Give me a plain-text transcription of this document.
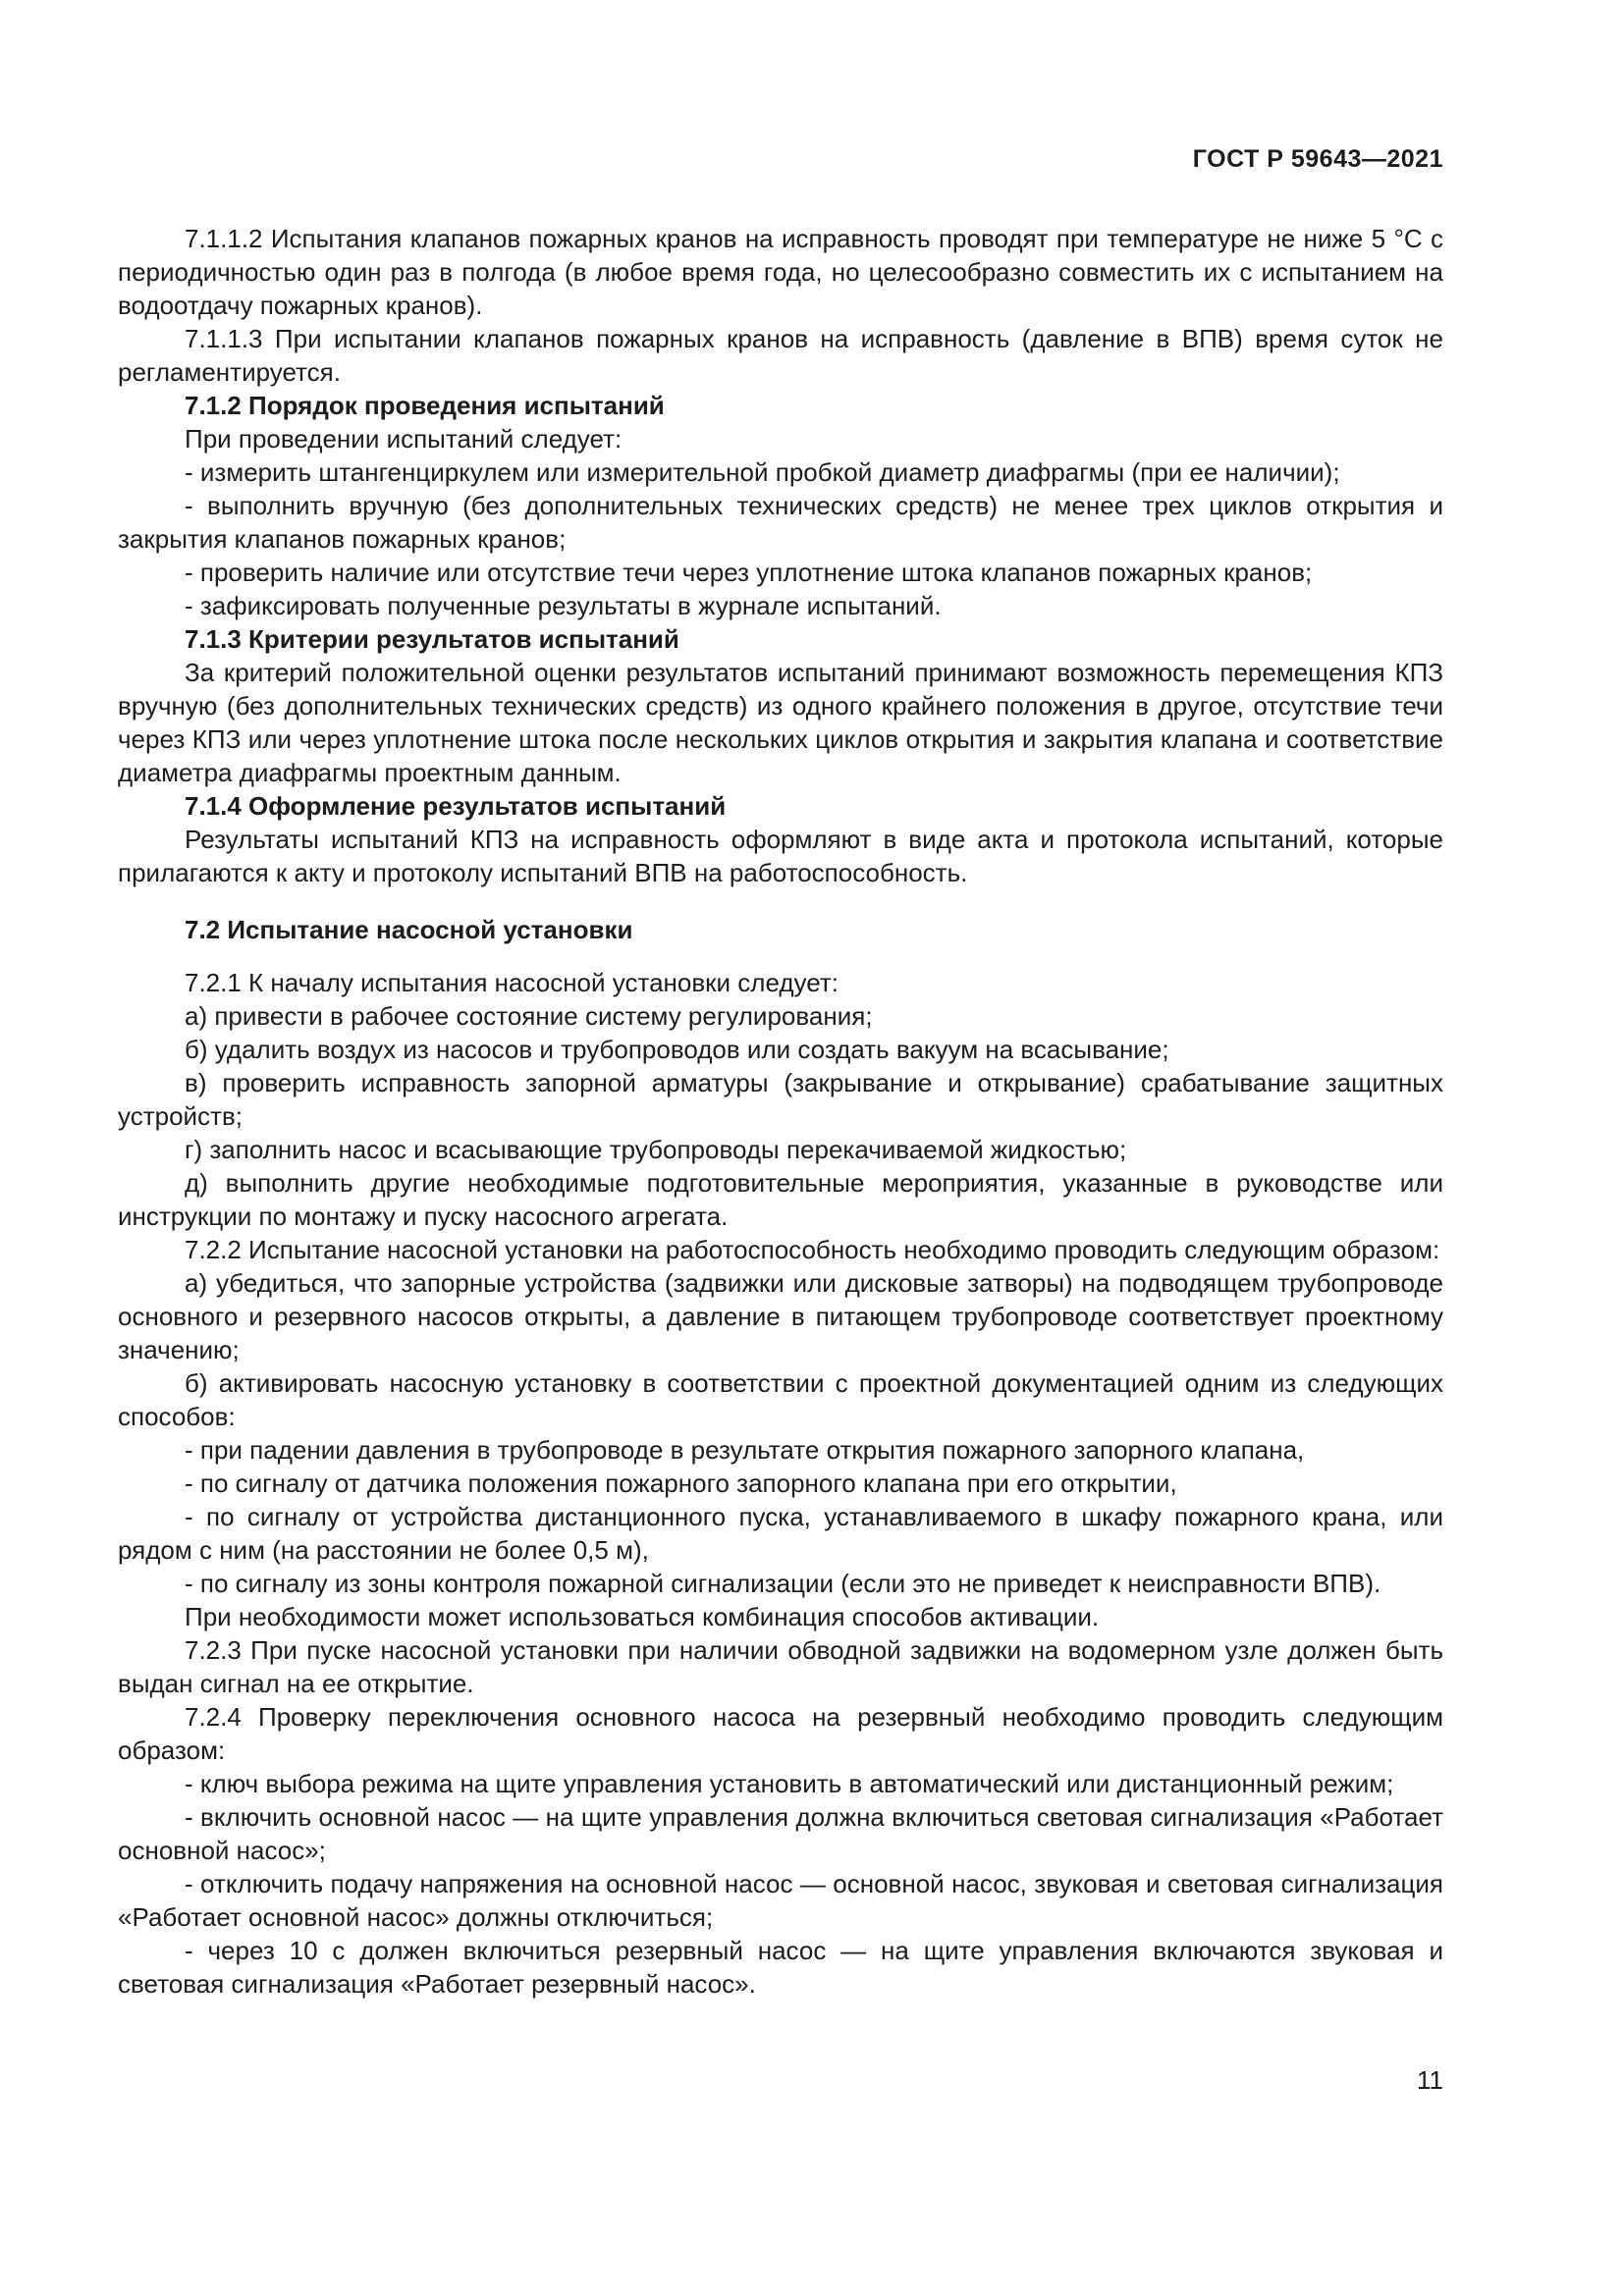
ГОСТ Р 59643—2021

7.1.1.2 Испытания клапанов пожарных кранов на исправность проводят при температуре не ниже 5 °С с периодичностью один раз в полгода (в любое время года, но целесообразно совместить их с испытанием на водоотдачу пожарных кранов).

7.1.1.3 При испытании клапанов пожарных кранов на исправность (давление в ВПВ) время суток не регламентируется.

7.1.2 Порядок проведения испытаний

При проведении испытаний следует:

- измерить штангенциркулем или измерительной пробкой диаметр диафрагмы (при ее наличии);

- выполнить вручную (без дополнительных технических средств) не менее трех циклов открытия и закрытия клапанов пожарных кранов;

- проверить наличие или отсутствие течи через уплотнение штока клапанов пожарных кранов;

- зафиксировать полученные результаты в журнале испытаний.

7.1.3 Критерии результатов испытаний

За критерий положительной оценки результатов испытаний принимают возможность перемещения КПЗ вручную (без дополнительных технических средств) из одного крайнего положения в другое, отсутствие течи через КПЗ или через уплотнение штока после нескольких циклов открытия и закрытия клапана и соответствие диаметра диафрагмы проектным данным.

7.1.4 Оформление результатов испытаний

Результаты испытаний КПЗ на исправность оформляют в виде акта и протокола испытаний, которые прилагаются к акту и протоколу испытаний ВПВ на работоспособность.

7.2 Испытание насосной установки

7.2.1 К началу испытания насосной установки следует:

а) привести в рабочее состояние систему регулирования;

б) удалить воздух из насосов и трубопроводов или создать вакуум на всасывание;

в) проверить исправность запорной арматуры (закрывание и открывание) срабатывание защитных устройств;

г) заполнить насос и всасывающие трубопроводы перекачиваемой жидкостью;

д) выполнить другие необходимые подготовительные мероприятия, указанные в руководстве или инструкции по монтажу и пуску насосного агрегата.

7.2.2 Испытание насосной установки на работоспособность необходимо проводить следующим образом:

а) убедиться, что запорные устройства (задвижки или дисковые затворы) на подводящем трубопроводе основного и резервного насосов открыты, а давление в питающем трубопроводе соответствует проектному значению;

б) активировать насосную установку в соответствии с проектной документацией одним из следующих способов:

- при падении давления в трубопроводе в результате открытия пожарного запорного клапана,

- по сигналу от датчика положения пожарного запорного клапана при его открытии,

- по сигналу от устройства дистанционного пуска, устанавливаемого в шкафу пожарного крана, или рядом с ним (на расстоянии не более 0,5 м),

- по сигналу из зоны контроля пожарной сигнализации (если это не приведет к неисправности ВПВ).

При необходимости может использоваться комбинация способов активации.

7.2.3 При пуске насосной установки при наличии обводной задвижки на водомерном узле должен быть выдан сигнал на ее открытие.

7.2.4 Проверку переключения основного насоса на резервный необходимо проводить следующим образом:

- ключ выбора режима на щите управления установить в автоматический или дистанционный режим;

- включить основной насос — на щите управления должна включиться световая сигнализация «Работает основной насос»;

- отключить подачу напряжения на основной насос — основной насос, звуковая и световая сигнализация «Работает основной насос» должны отключиться;

- через 10 с должен включиться резервный насос — на щите управления включаются звуковая и световая сигнализация «Работает резервный насос».

11
